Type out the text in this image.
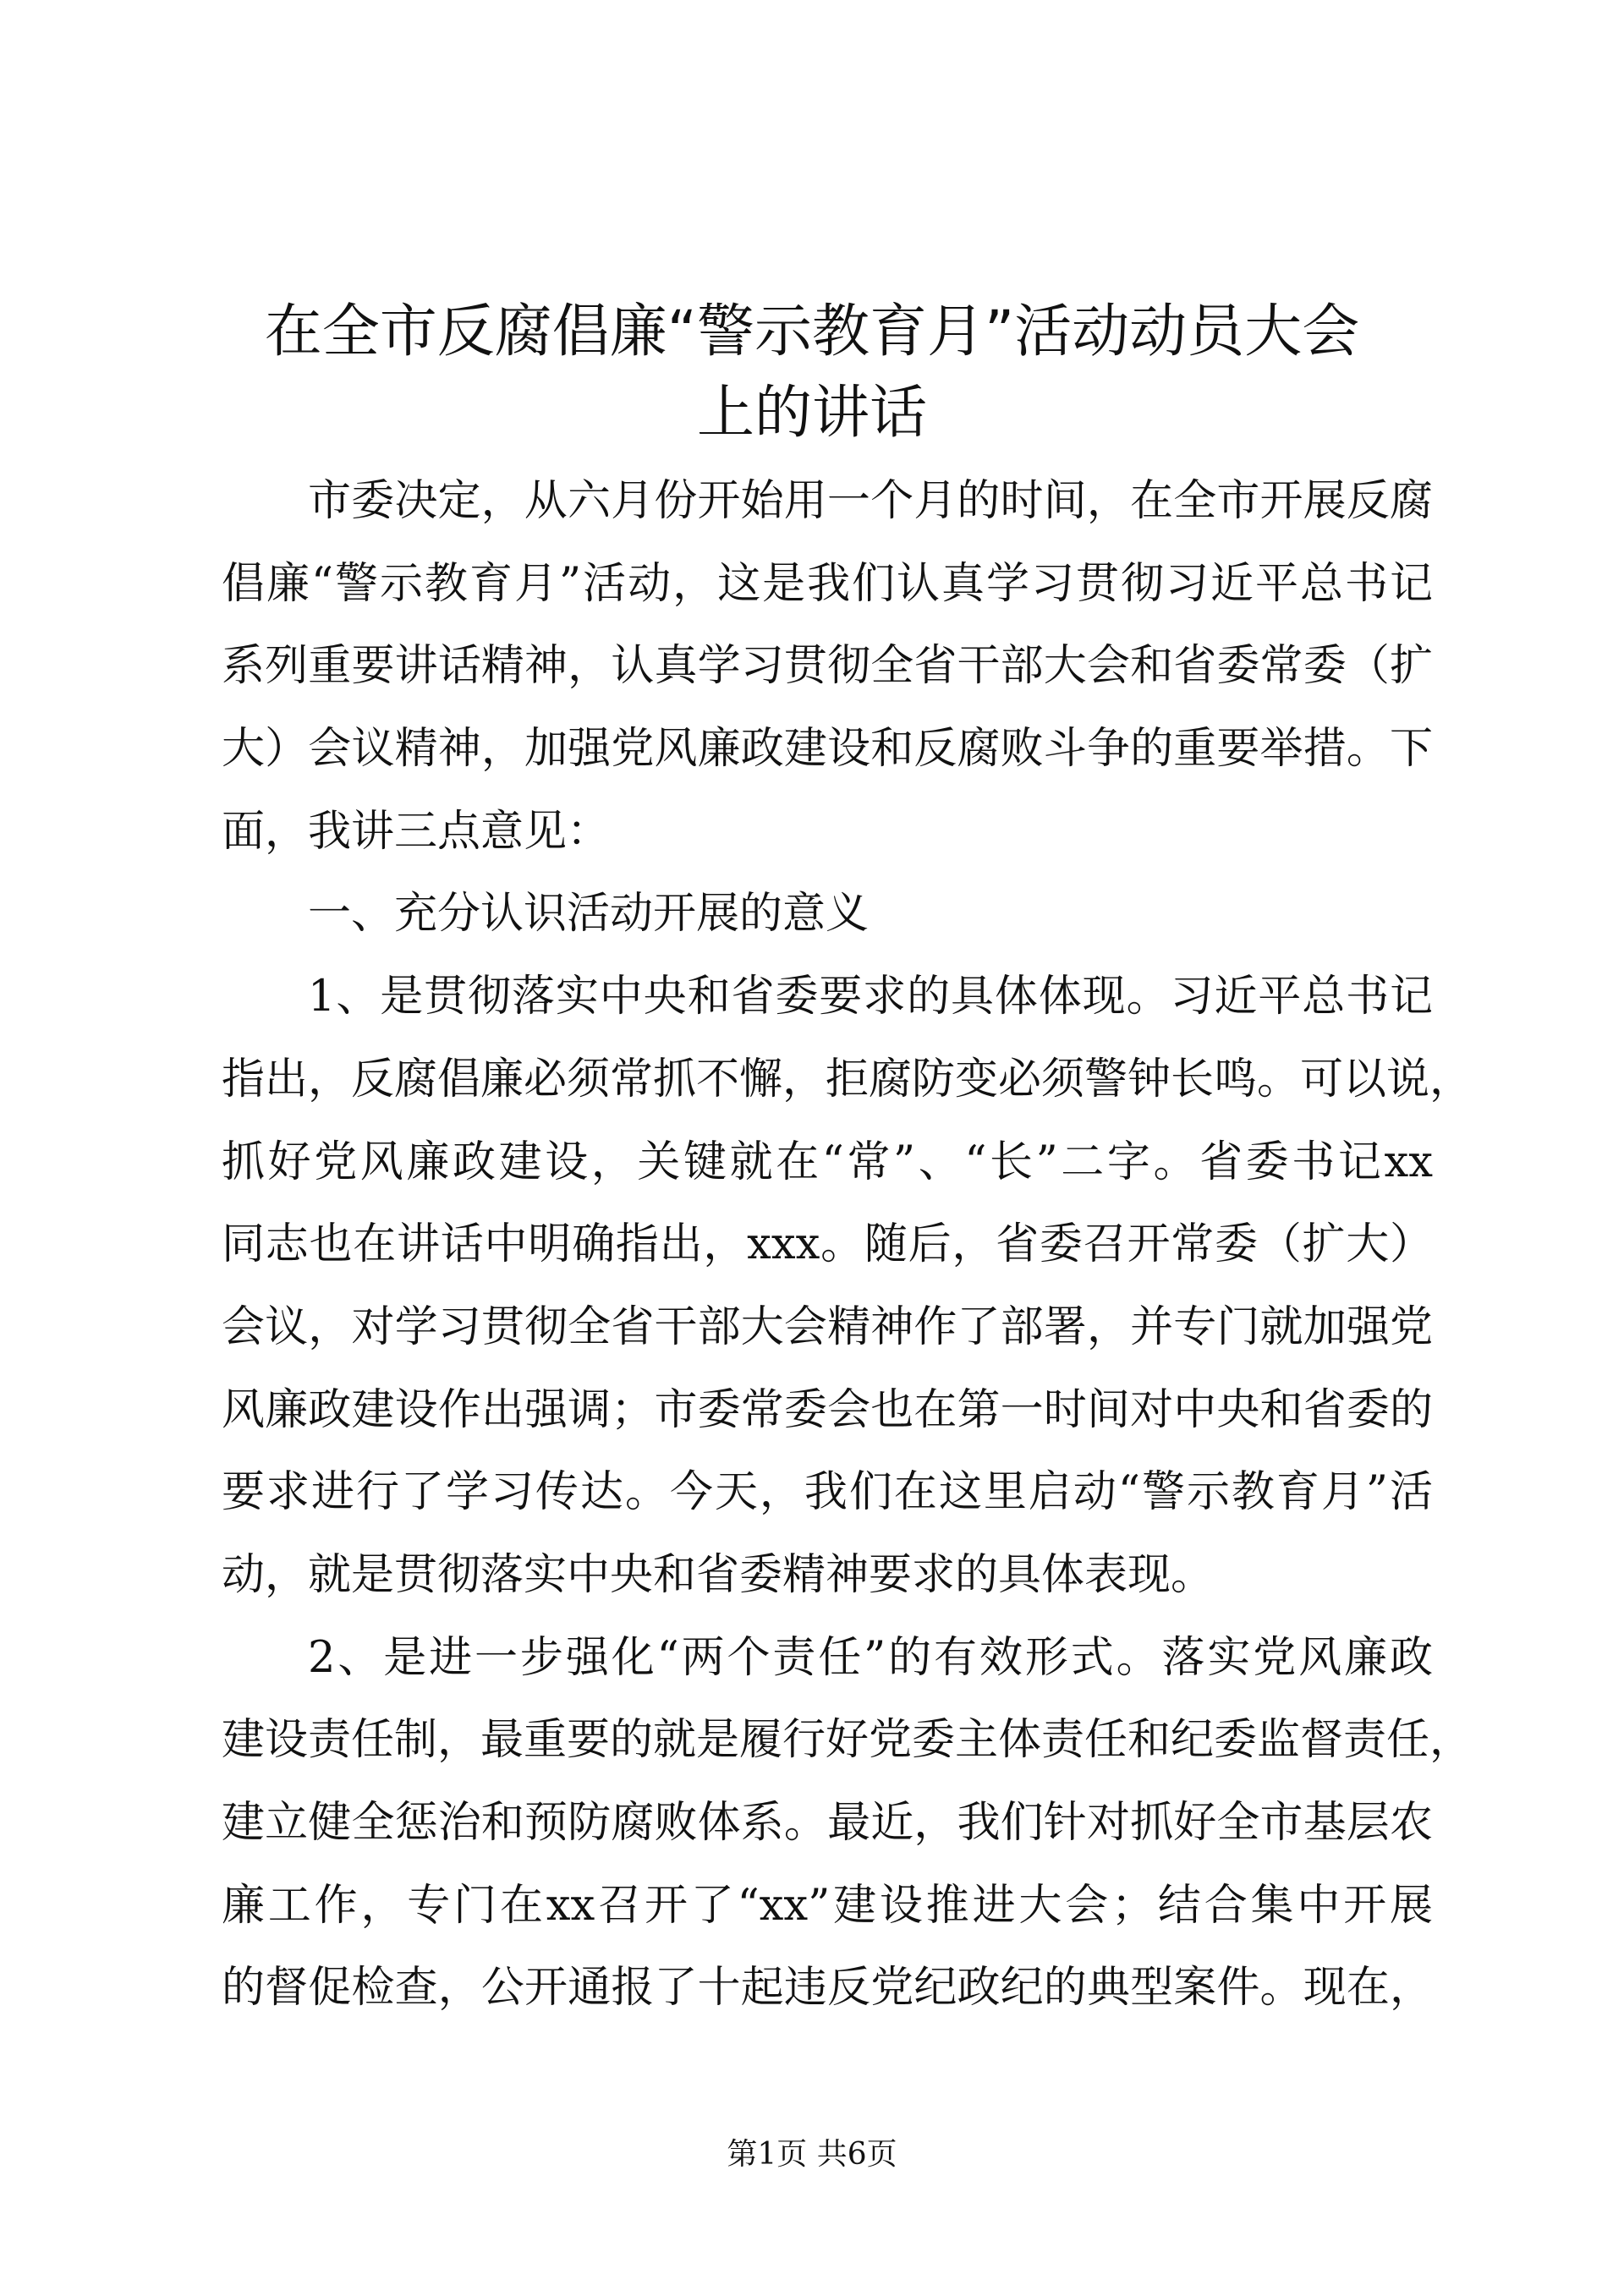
在全市反腐倡廉“警示教育月”活动动员大会
上的讲话
市委决定，从六月份开始用一个月的时间，在全市开展反腐
倡廉“警示教育月”活动，这是我们认真学习贯彻习近平总书记
系列重要讲话精神，认真学习贯彻全省干部大会和省委常委（扩
大）会议精神，加强党风廉政建设和反腐败斗争的重要举措。下
面，我讲三点意见：
一、充分认识活动开展的意义
1、是贯彻落实中央和省委要求的具体体现。习近平总书记
指出，反腐倡廉必须常抓不懈，拒腐防变必须警钟长鸣。可以说，
抓好党风廉政建设，关键就在“常”、“长”二字。省委书记xx
同志也在讲话中明确指出，xxx。随后，省委召开常委（扩大）
会议，对学习贯彻全省干部大会精神作了部署，并专门就加强党
风廉政建设作出强调；市委常委会也在第一时间对中央和省委的
要求进行了学习传达。今天，我们在这里启动“警示教育月”活
动，就是贯彻落实中央和省委精神要求的具体表现。
2、是进一步强化“两个责任”的有效形式。落实党风廉政
建设责任制，最重要的就是履行好党委主体责任和纪委监督责任，
建立健全惩治和预防腐败体系。最近，我们针对抓好全市基层农
廉工作，专门在xx召开了“xx”建设推进大会；结合集中开展
的督促检查，公开通报了十起违反党纪政纪的典型案件。现在，
第1页 共6页
